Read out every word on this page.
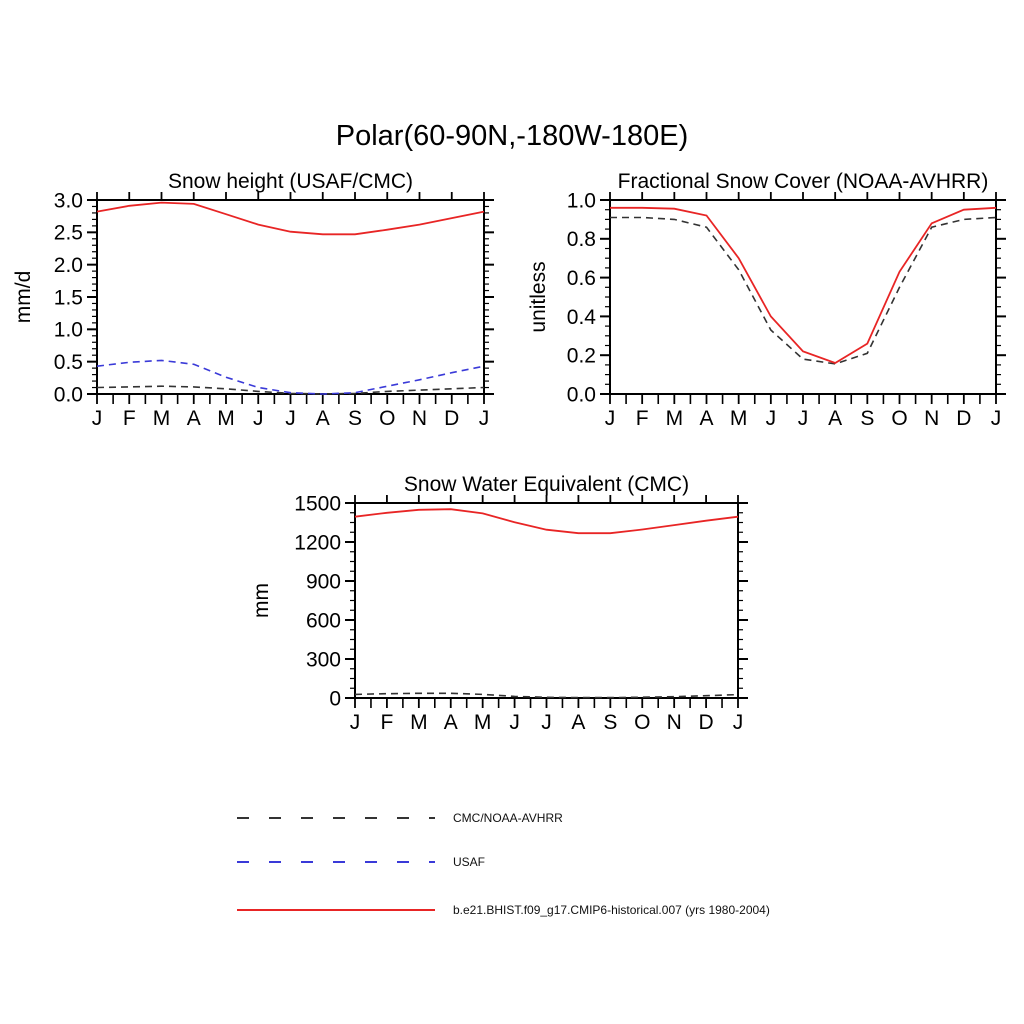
Polar(60-90N,-180W-180E)
J F M A M J J A S O N D J
0.0
0.5
1.0
1.5
2.0
2.5
3.0
Snow height (USAF/CMC)
mm/d
J F M A M J J A S O N D J
0.0
0.2
0.4
0.6
0.8
1.0
Fractional Snow Cover (NOAA-AVHRR)
unitless
J F M A M J J A S O N D J
0
300
600
900
1200
1500
Snow Water Equivalent (CMC)
mm
CMC/NOAA-AVHRR
USAF
b.e21.BHIST.f09_g17.CMIP6-historical.007 (yrs 1980-2004)
